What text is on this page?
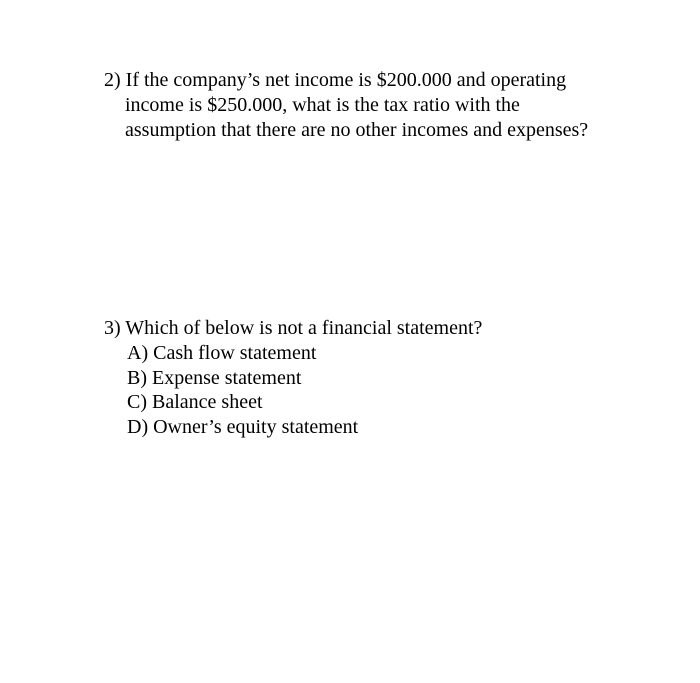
2) If the company’s net income is $200.000 and operating
income is $250.000, what is the tax ratio with the
assumption that there are no other incomes and expenses?
3) Which of below is not a financial statement?
A) Cash flow statement
B) Expense statement
C) Balance sheet
D) Owner’s equity statement
